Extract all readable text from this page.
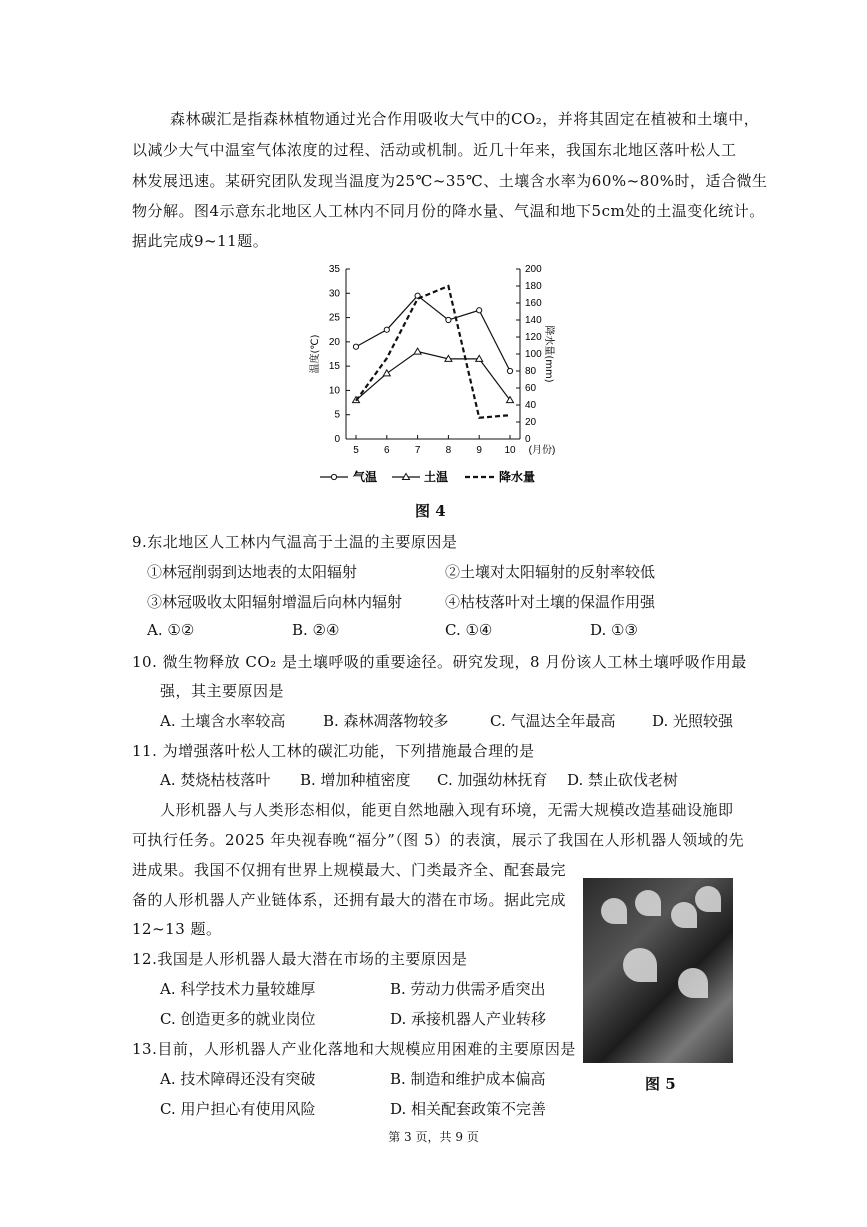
森林碳汇是指森林植物通过光合作用吸收大气中的CO₂，并将其固定在植被和土壤中，
以减少大气中温室气体浓度的过程、活动或机制。近几十年来，我国东北地区落叶松人工
林发展迅速。某研究团队发现当温度为25℃~35℃、土壤含水率为60%~80%时，适合微生
物分解。图4示意东北地区人工林内不同月份的降水量、气温和地下5cm处的土温变化统计。
据此完成9~11题。
0
5
10
15
20
25
30
35
0
20
40
60
80
100
120
140
160
180
200
5	6	7	8	9 10 (月份)
温度(℃)	降水量(mm)
气温	土温	降水量
图 4
9.东北地区人工林内气温高于土温的主要原因是
①林冠削弱到达地表的太阳辐射	②土壤对太阳辐射的反射率较低
③林冠吸收太阳辐射增温后向林内辐射	④枯枝落叶对土壤的保温作用强
A. ①②	B. ②④	C. ①④	D. ①③
10. 微生物释放 CO₂ 是土壤呼吸的重要途径。研究发现，8 月份该人工林土壤呼吸作用最
强，其主要原因是
A. 土壤含水率较高	B. 森林凋落物较多	C. 气温达全年最高 D. 光照较强
11. 为增强落叶松人工林的碳汇功能，下列措施最合理的是
A. 焚烧枯枝落叶 B. 增加种植密度 C. 加强幼林抚育 D. 禁止砍伐老树
人形机器人与人类形态相似，能更自然地融入现有环境，无需大规模改造基础设施即
可执行任务。2025 年央视春晚“福分”（图 5）的表演，展示了我国在人形机器人领域的先
进成果。我国不仅拥有世界上规模最大、门类最齐全、配套最完
备的人形机器人产业链体系，还拥有最大的潜在市场。据此完成
12~13 题。
12.我国是人形机器人最大潜在市场的主要原因是
A. 科学技术力量较雄厚	B. 劳动力供需矛盾突出
C. 创造更多的就业岗位	D. 承接机器人产业转移
13.目前，人形机器人产业化落地和大规模应用困难的主要原因是
A. 技术障碍还没有突破	B. 制造和维护成本偏高
C. 用户担心有使用风险	D. 相关配套政策不完善
图 5
第 3 页，共 9 页
